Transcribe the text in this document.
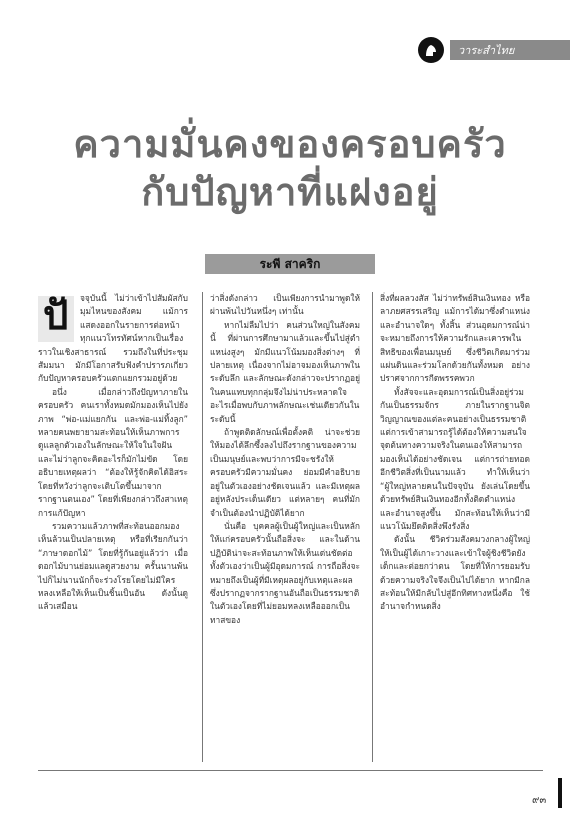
วาระสำไทย
ความมั่นคงของครอบครัว
กับปัญหาที่แฝงอยู่
ระพี สาคริก
ปั	จจุบันนี้ ไม่ว่าเข้าไปสัมผัสกับมุมไหนของสังคม แม้การแสดงออกในรายการต่อหน้าทุกแนวโทรทัศน์หากเป็นเรื่องราวในเชิงสาธารณ์ รวมถึงในที่ประชุมสัมมนา มักมีโอกาสรับฟังคำปรารภเกี่ยวกับปัญหาครอบครัวแตกแยกรวมอยู่ด้วย

อนึ่ง เมื่อกล่าวถึงปัญหาภายในครอบครัว คนเราทั้งหมดมักมองเห็นไปยังภาพ “พ่อ-แม่แยกกัน และพ่อ-แม่ทิ้งลูก” หลายคนพยายามสะท้อนให้เห็นภาพการดูแลลูกตัวเองในลักษณะให้ใจในใจฝัน และไม่ว่าลูกจะคิดอะไรก็มักไม่ขัด โดยอธิบายเหตุผลว่า “ต้องให้รู้จักคิดได้อิสระ โดยที่หวังว่าลูกจะเติบโตขึ้นมาจากรากฐานตนเอง” โดยที่เพียงกล่าวถึงสาเหตุการแก้ปัญหา

รวมความแล้วภาพที่สะท้อนออกมองเห็นล้วนเป็นปลายเหตุ หรือที่เรียกกันว่า “ภาษาดอกไม้” โดยที่รู้กันอยู่แล้วว่า เมื่อดอกไม้บานย่อมแลดูสวยงาม ครั้นนานพ้นไปก็ไม่นานนักก็จะร่วงโรยโดยไม่มีใครหลงเหลือให้เห็นเป็นชิ้นเป็นอัน ดังนั้นดูแล้วเสมือน

ว่าสิ่งดังกล่าว เป็นเพียงการนำมาพูดให้ผ่านพ้นไปวันหนึ่งๆ เท่านั้น

หากไม่ลืมไปว่า คนส่วนใหญ่ในสังคมนี้ ที่ผ่านการศึกษามาแล้วและขึ้นไปสู่ตำแหน่งสูงๆ มักมีแนวโน้มมองสิ่งต่างๆ ที่ปลายเหตุ เนื่องจากไม่อาจมองเห็นภาพในระดับลึก และลักษณะดังกล่าวจะปรากฏอยู่ในคนแทบทุกกลุ่มจึงไม่น่าประหลาดใจอะไรเมื่อพบกับภาพลักษณะเช่นเดียวกันในระดับนี้

ถ้าพูดติดลักษณ์เพื่อตั้งคติ น่าจะช่วยให้มองได้ลึกซึ้งลงไปถึงรากฐานของความเป็นมนุษย์และพบว่าการมีจะชรังให้ครอบครัวมีความมั่นคง ย่อมมีคำอธิบายอยู่ในตัวเองอย่างชัดเจนแล้ว และมีเหตุผลอยู่หลังประเด็นเดียว แต่หลายๆ คนที่มักจำเป็นต้องนำปฏิบัติได้ยาก

นั่นคือ บุคคลผู้เป็นผู้ใหญ่และเป็นหลักให้แก่ครอบครัวนั้นถือสิ่งจะ และในด้านปฏิบัติน่าจะสะท้อนภาพให้เห็นเด่นชัดต่อทั้งตัวเองว่าเป็นผู้มีอุดมการณ์ การถือสิ่งจะหมายถึงเป็นผู้ที่มีเหตุผลอยู่กับเหตุและผลซึ่งปรากฏจากรากฐานอันถือเป็นธรรมชาติในตัวเองโดยที่ไม่ยอมหลงเหลือออกเป็นทาสของ

สิ่งที่ผลลวงสัส ไม่ว่าทรัพย์สินเงินทอง หรือลาภยศสรรเสริญ แม้การได้มาซึ่งตำแหน่งและอำนาจใดๆ ทั้งสิ้น ส่วนอุดมการณ์น่าจะหมายถึงการให้ความรักและเคารพในสิทธิของเพื่อนมนุษย์ ซึ่งชีวิตเกิดมาร่วมแผ่นดินและร่วมโลกด้วยกันทั้งหมด อย่างปราศจากการกีดพรรคพวก

ทั้งสัจจะและอุดมการณ์เป็นสิ่งอยู่ร่วมกันเป็นธรรมจักร ภายในรากฐานจิตวิญญาณของแต่ละคนอย่างเป็นธรรมชาติ แต่การเข้าสามารถรู้ได้ต้องให้ความสนใจจุดต้นทางความจริงในตนเองให้สามารถมองเห็นได้อย่างชัดเจน แต่การถ่ายทอดอีกชีวิตสิ่งที่เป็นนามแล้ว ทำให้เห็นว่า “ผู้ใหญ่หลายคนในปัจจุบัน ยังเล่นโดยขึ้นด้วยทรัพย์สินเงินทองอีกทั้งติดตำแหน่งและอำนาจสูงขึ้น มักสะท้อนให้เห็นว่ามีแนวโน้มยึดติดสิ่งพึงรังสิ่ง

ดังนั้น ชีวิตร่วมสังคมวงกลางผู้ใหญ่ ให้เป็นผู้ได้เกาะวางและเข้าใจผู้ชิงชีวิตยังเด็กและต่อยกว่าตน โดยที่ให้การยอมรับด้วยความจริงใจจึงเป็นไปได้ยาก หากมีกลสะท้อนให้มีกลับไปสู่อีกทิศทางหนึ่งคือ ใช้อำนาจกำหนดสิ่ง

๙๓
